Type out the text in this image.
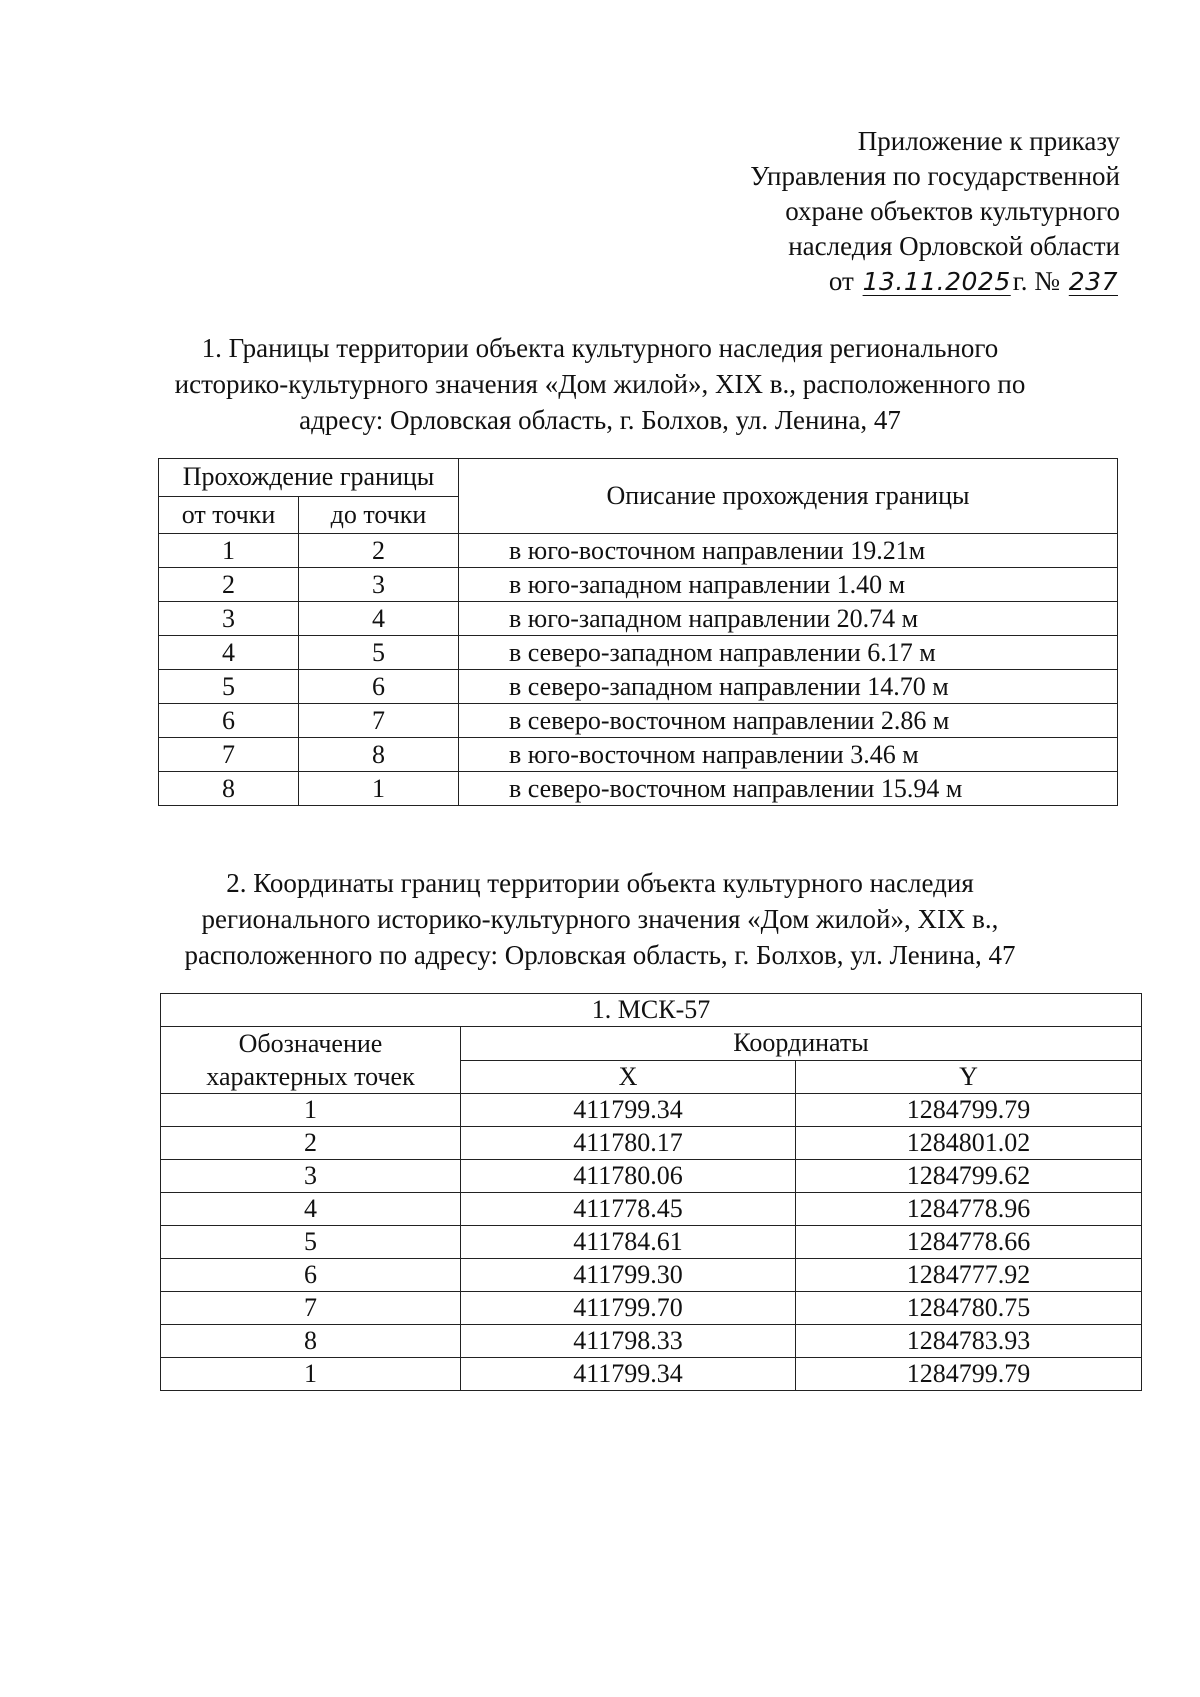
Приложение к приказу
Управления по государственной
охране объектов культурного
наследия Орловской области
от 13.11.2025г. № 237
1. Границы территории объекта культурного наследия регионального
историко-культурного значения «Дом жилой», XIX в., расположенного по
адресу: Орловская область, г. Болхов, ул. Ленина, 47
Прохождение границы		Описание прохождения границы
от точки	до точки	
1	2	в юго-восточном направлении 19.21м
2	3	в юго-западном направлении 1.40 м
3	4	в юго-западном направлении 20.74 м
4	5	в северо-западном направлении 6.17 м
5	6	в северо-западном направлении 14.70 м
6	7	в северо-восточном направлении 2.86 м
7	8	в юго-восточном направлении 3.46 м
8	1	в северо-восточном направлении 15.94 м
2. Координаты границ территории объекта культурного наследия
регионального историко-культурного значения «Дом жилой», XIX в.,
расположенного по адресу: Орловская область, г. Болхов, ул. Ленина, 47
1. МСК-57		
Обозначение
характерных точек	Координаты	
	X	Y
1	411799.34	1284799.79
2	411780.17	1284801.02
3	411780.06	1284799.62
4	411778.45	1284778.96
5	411784.61	1284778.66
6	411799.30	1284777.92
7	411799.70	1284780.75
8	411798.33	1284783.93
1	411799.34	1284799.79
